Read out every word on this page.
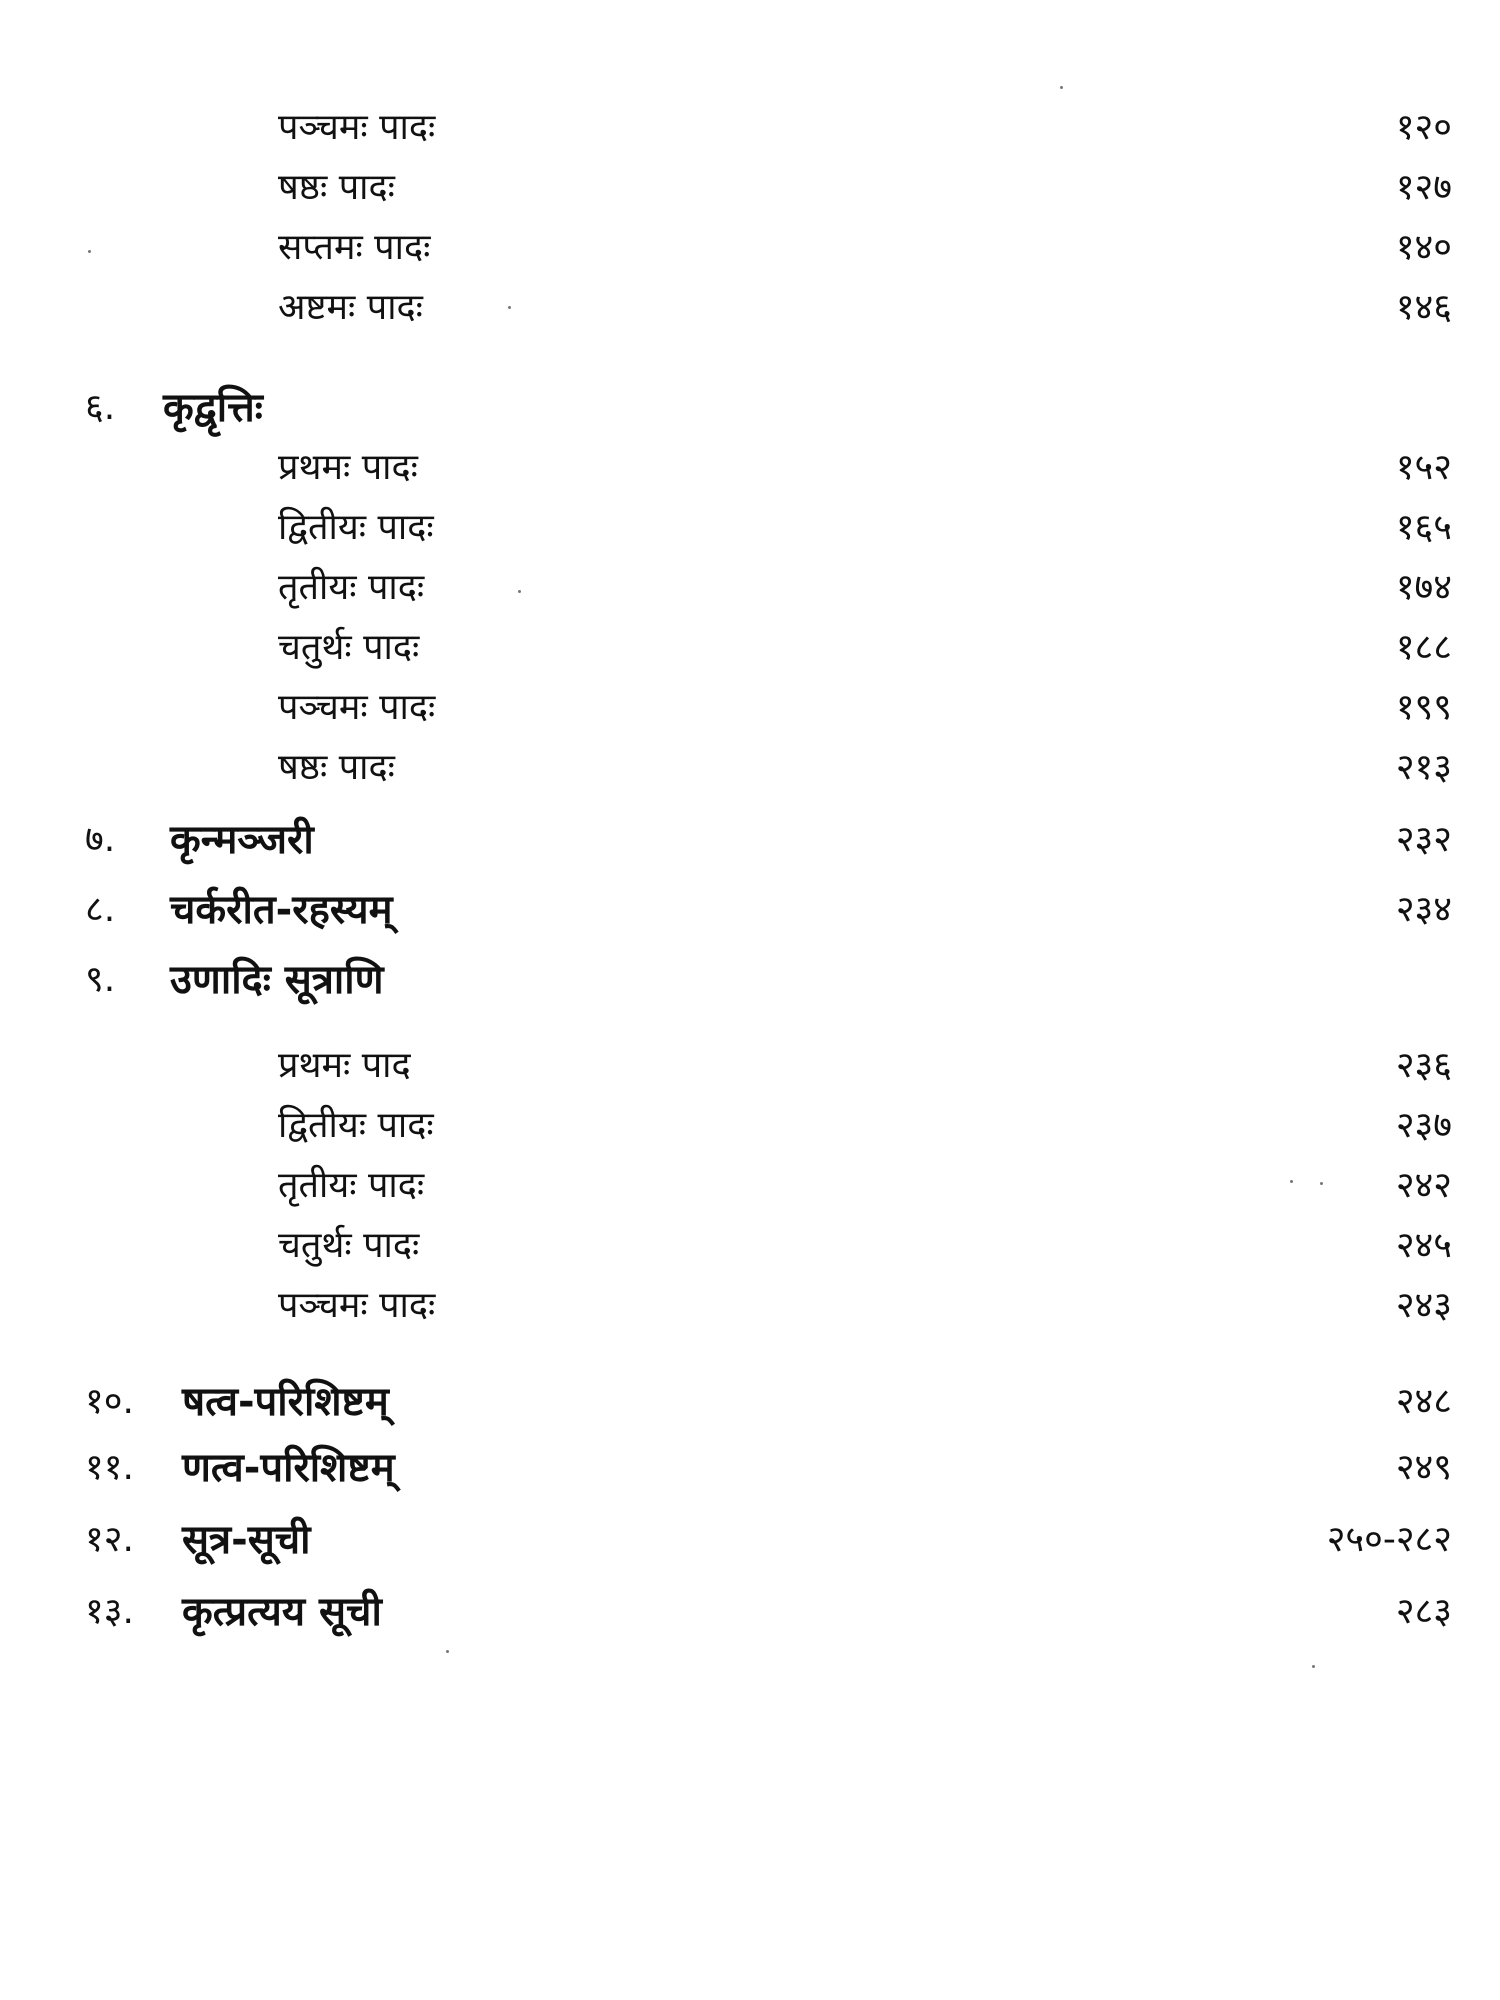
पञ्चमः पादः	१२०
षष्ठः पादः	१२७
सप्तमः पादः	१४०
अष्टमः पादः	१४६
६. कृद्वृत्तिः
प्रथमः पादः	१५२
द्वितीयः पादः	१६५
तृतीयः पादः	१७४
चतुर्थः पादः	१८८
पञ्चमः पादः	१९९
षष्ठः पादः	२१३
७. कृन्मञ्जरी	२३२
८. चर्करीत-रहस्यम्	२३४
९. उणादिः सूत्राणि
प्रथमः पाद	२३६
द्वितीयः पादः	२३७
तृतीयः पादः	२४२
चतुर्थः पादः	२४५
पञ्चमः पादः	२४३
१०. षत्व-परिशिष्टम्	२४८
११. णत्व-परिशिष्टम्	२४९
१२. सूत्र-सूची	२५०-२८२
१३. कृत्प्रत्यय सूची	२८३
